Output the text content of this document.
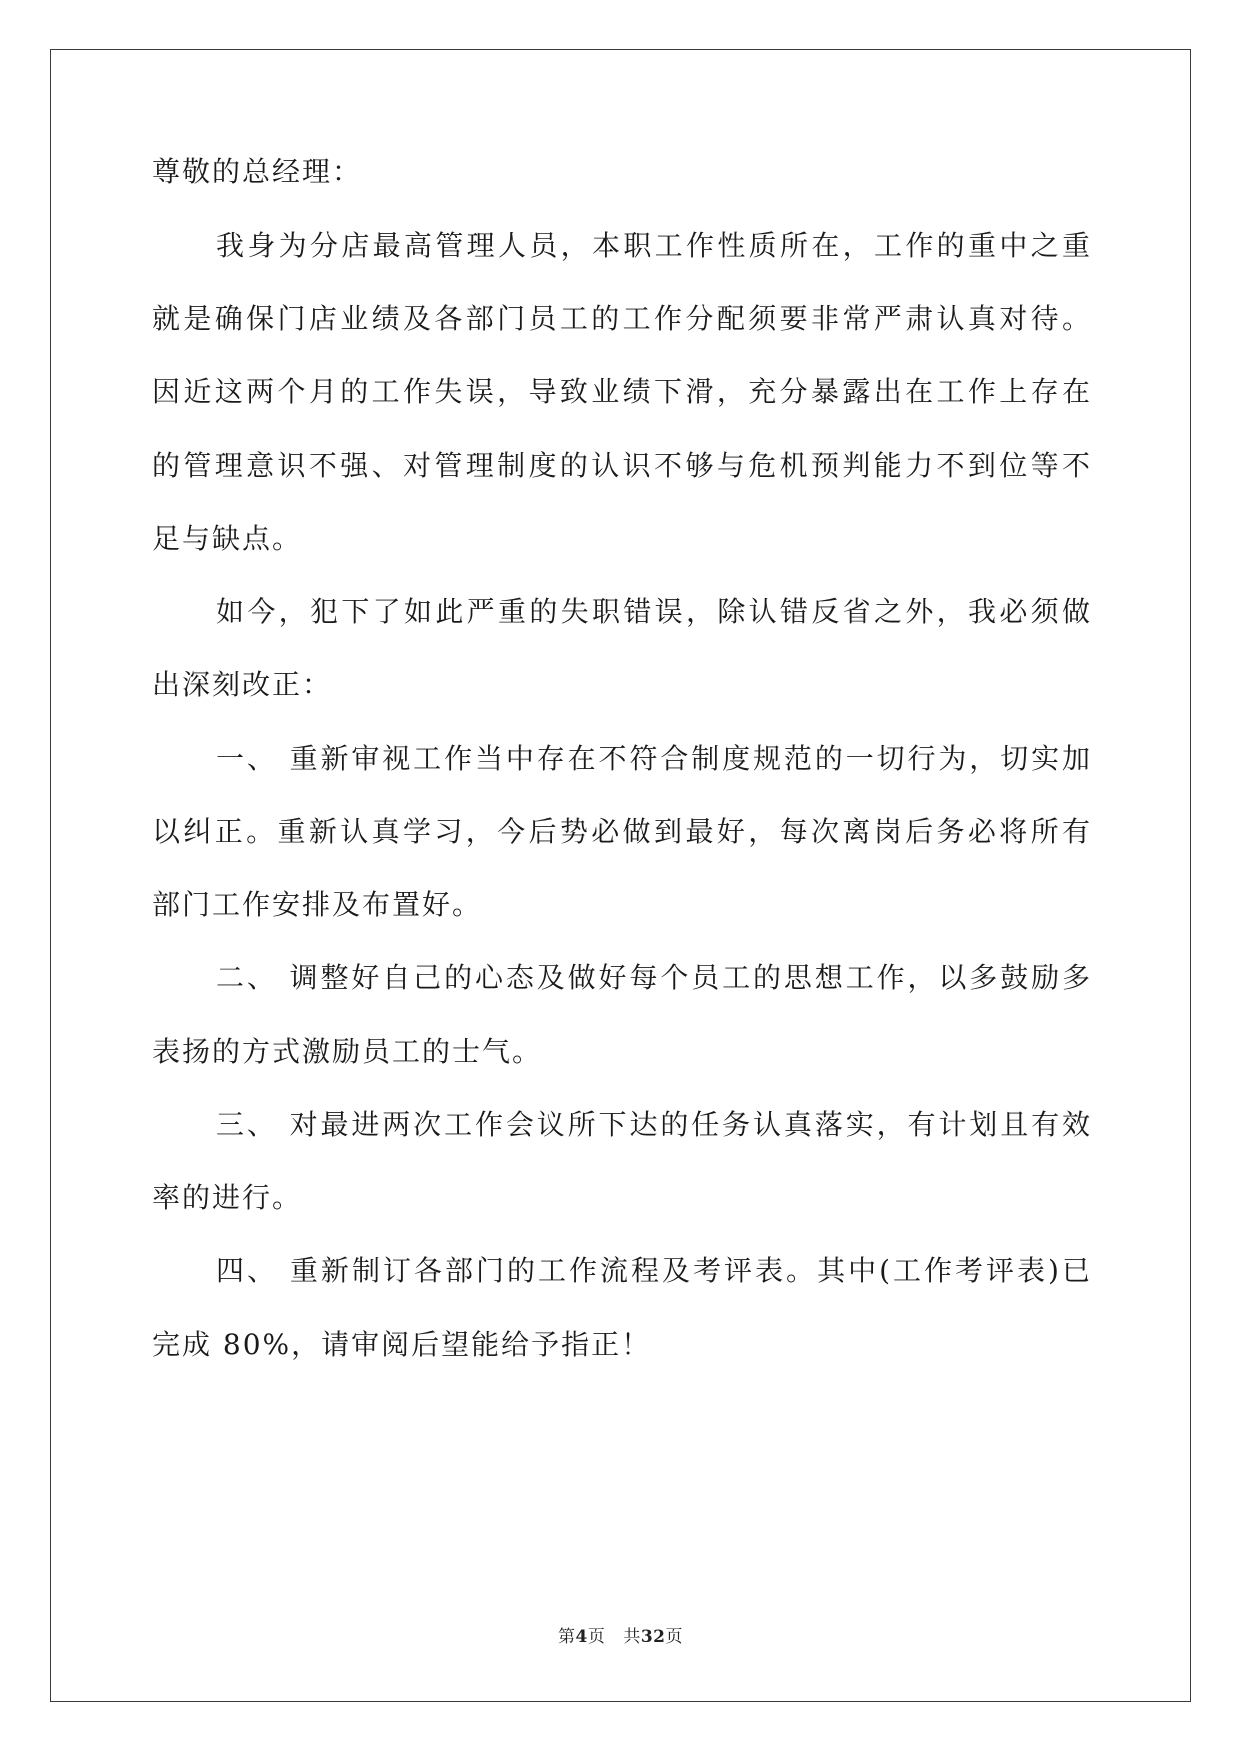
尊敬的总经理：
我身为分店最高管理人员，本职工作性质所在，工作的重中之重
就是确保门店业绩及各部门员工的工作分配须要非常严肃认真对待。
因近这两个月的工作失误，导致业绩下滑，充分暴露出在工作上存在
的管理意识不强、对管理制度的认识不够与危机预判能力不到位等不
足与缺点。
如今，犯下了如此严重的失职错误，除认错反省之外，我必须做
出深刻改正：
一、 重新审视工作当中存在不符合制度规范的一切行为，切实加
以纠正。重新认真学习，今后势必做到最好，每次离岗后务必将所有
部门工作安排及布置好。
二、 调整好自己的心态及做好每个员工的思想工作，以多鼓励多
表扬的方式激励员工的士气。
三、 对最进两次工作会议所下达的任务认真落实，有计划且有效
率的进行。
四、 重新制订各部门的工作流程及考评表。其中(工作考评表)已
完成 80%，请审阅后望能给予指正！
第4页 共32页
